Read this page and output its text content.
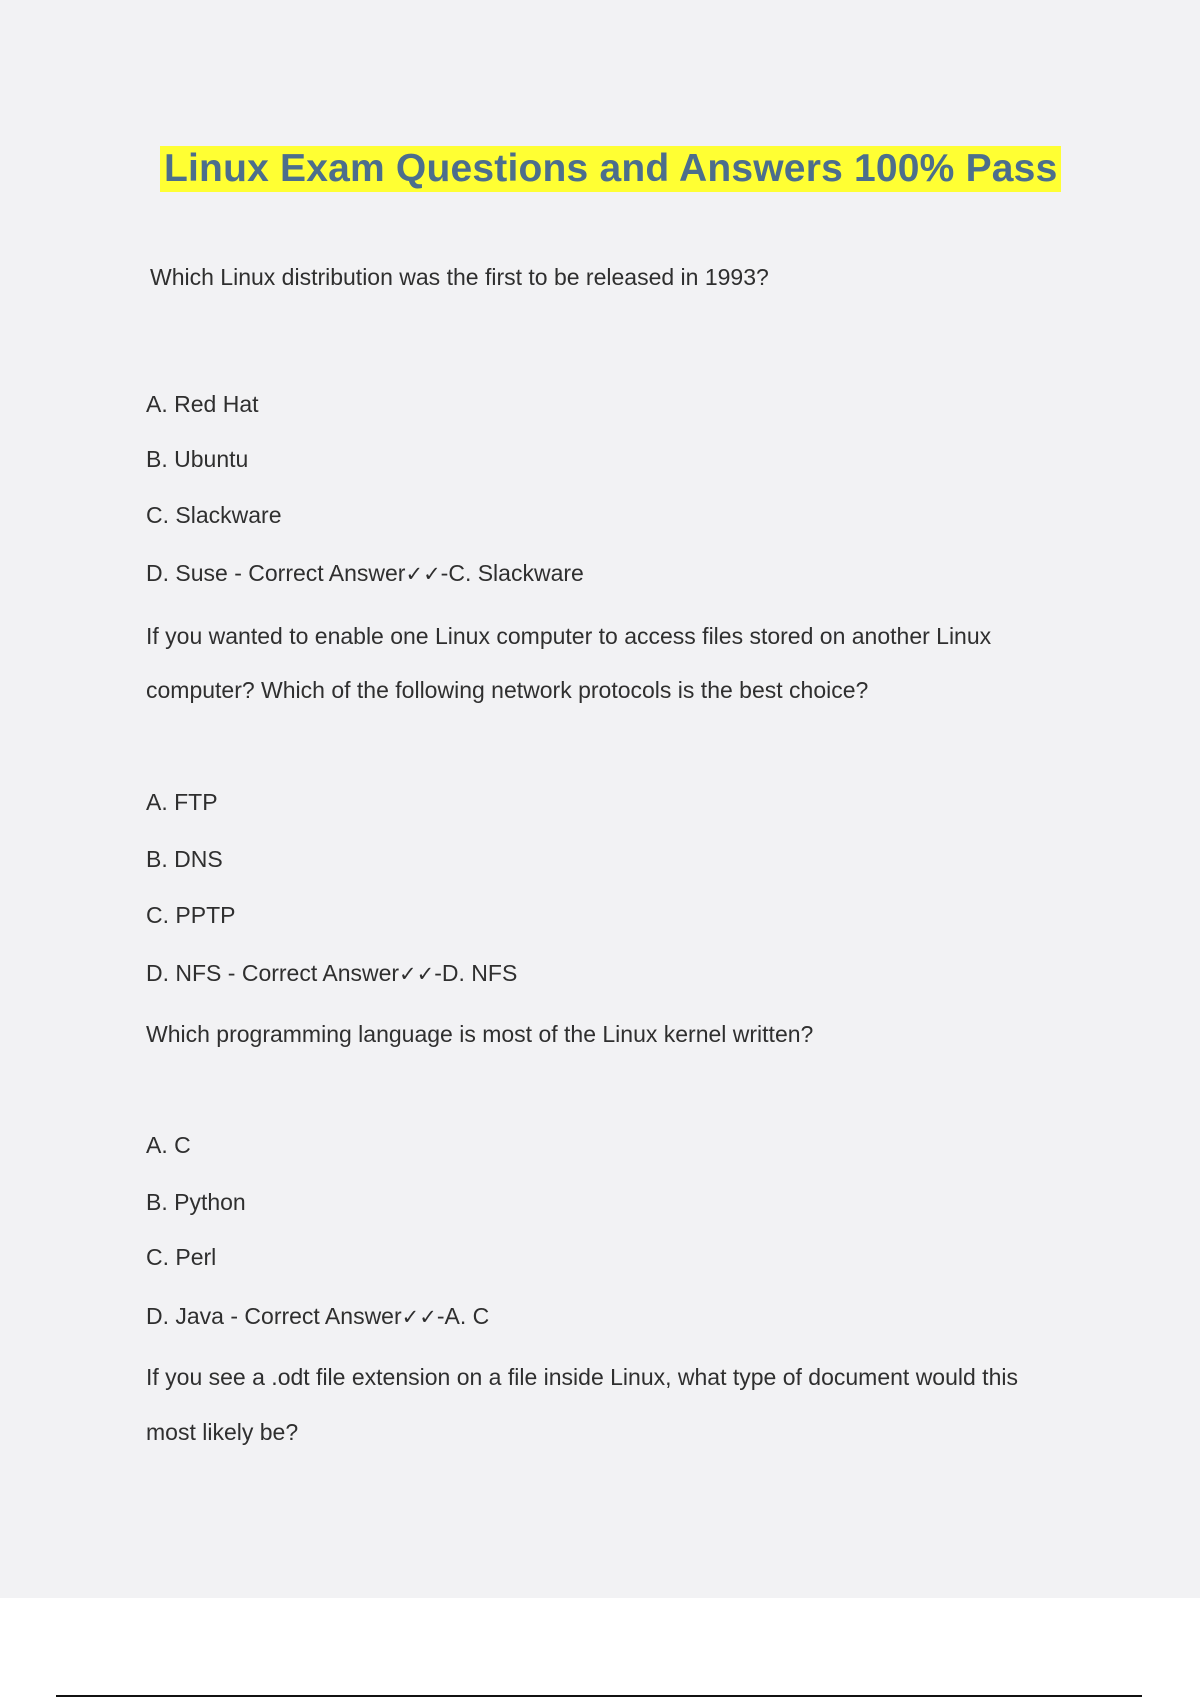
Linux Exam Questions and Answers 100% Pass
Which Linux distribution was the first to be released in 1993?
A. Red Hat
B. Ubuntu
C. Slackware
D. Suse - Correct Answer✓✓-C. Slackware
If you wanted to enable one Linux computer to access files stored on another Linux
computer? Which of the following network protocols is the best choice?
A. FTP
B. DNS
C. PPTP
D. NFS - Correct Answer✓✓-D. NFS
Which programming language is most of the Linux kernel written?
A. C
B. Python
C. Perl
D. Java - Correct Answer✓✓-A. C
If you see a .odt file extension on a file inside Linux, what type of document would this
most likely be?
